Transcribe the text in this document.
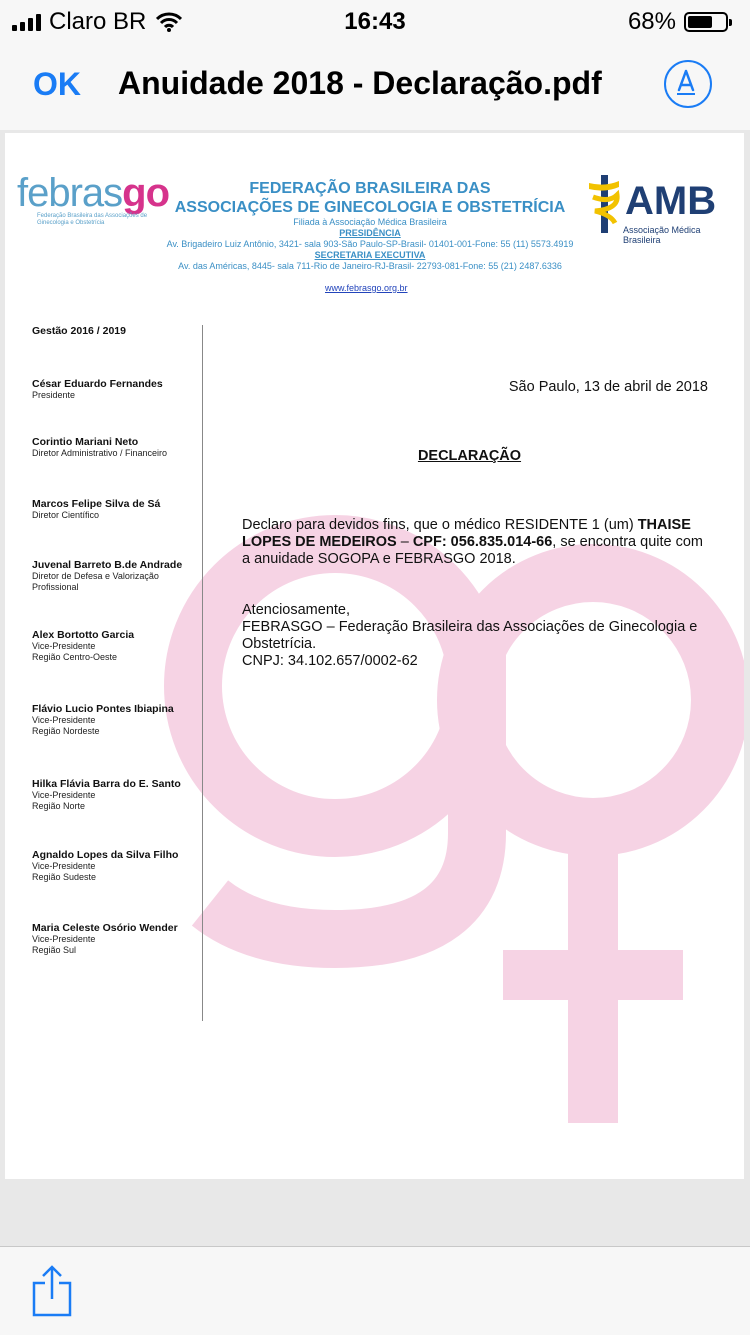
Claro BR	16:43	68%
OK Anuidade 2018 - Declaração.pdf
febrasgo
Federação Brasileira das Associações de Ginecologia e Obstetrícia	AMB
Associação Médica Brasileira
FEDERAÇÃO BRASILEIRA DAS
ASSOCIAÇÕES DE GINECOLOGIA E OBSTETRÍCIA
Filiada à Associação Médica Brasileira
PRESIDÊNCIA
Av. Brigadeiro Luiz Antônio, 3421- sala 903-São Paulo-SP-Brasil- 01401-001-Fone: 55 (11) 5573.4919
SECRETARIA EXECUTIVA
Av. das Américas, 8445- sala 711-Rio de Janeiro-RJ-Brasil- 22793-081-Fone: 55 (21) 2487.6336
www.febrasgo.org.br
Gestão 2016 / 2019
César Eduardo Fernandes
Presidente
Corintio Mariani Neto
Diretor Administrativo / Financeiro
Marcos Felipe Silva de Sá
Diretor Científico
Juvenal Barreto B.de Andrade
Diretor de Defesa e Valorização Profissional
Alex Bortotto Garcia
Vice-Presidente
Região Centro-Oeste
Flávio Lucio Pontes Ibiapina
Vice-Presidente
Região Nordeste
Hilka Flávia Barra do E. Santo
Vice-Presidente
Região Norte
Agnaldo Lopes da Silva Filho
Vice-Presidente
Região Sudeste
Maria Celeste Osório Wender
Vice-Presidente
Região Sul
São Paulo, 13 de abril de 2018
DECLARAÇÃO
Declaro para devidos fins, que o médico RESIDENTE 1 (um) THAISE LOPES DE MEDEIROS – CPF: 056.835.014-66, se encontra quite com a anuidade SOGOPA e FEBRASGO 2018.
Atenciosamente,
FEBRASGO – Federação Brasileira das Associações de Ginecologia e Obstetrícia.
CNPJ: 34.102.657/0002-62
